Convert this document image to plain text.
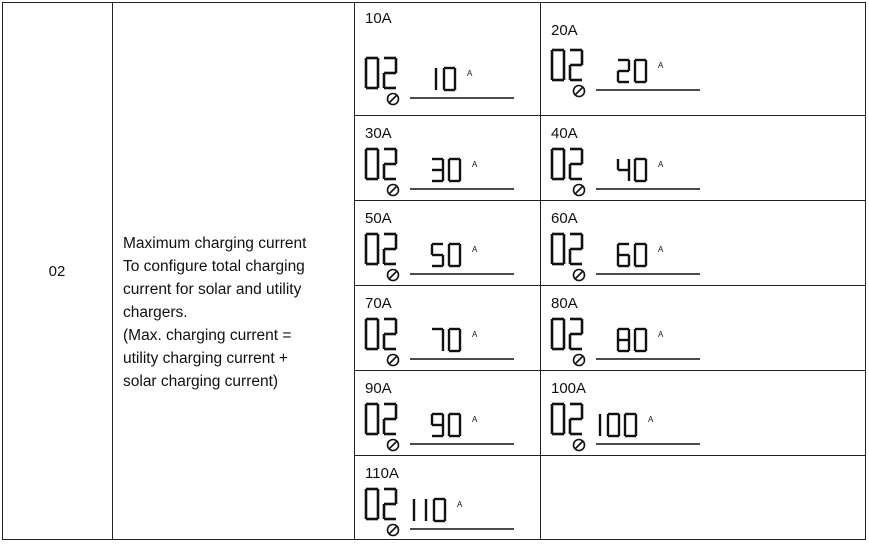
02
Maximum charging current
To configure total charging
current for solar and utility
chargers.
(Max. charging current =
utility charging current +
solar charging current)
10A
A
20A
A
30A
A
40A
A
50A
A
60A
A
70A
A
80A
A
90A
A
100A
A
110A
A
